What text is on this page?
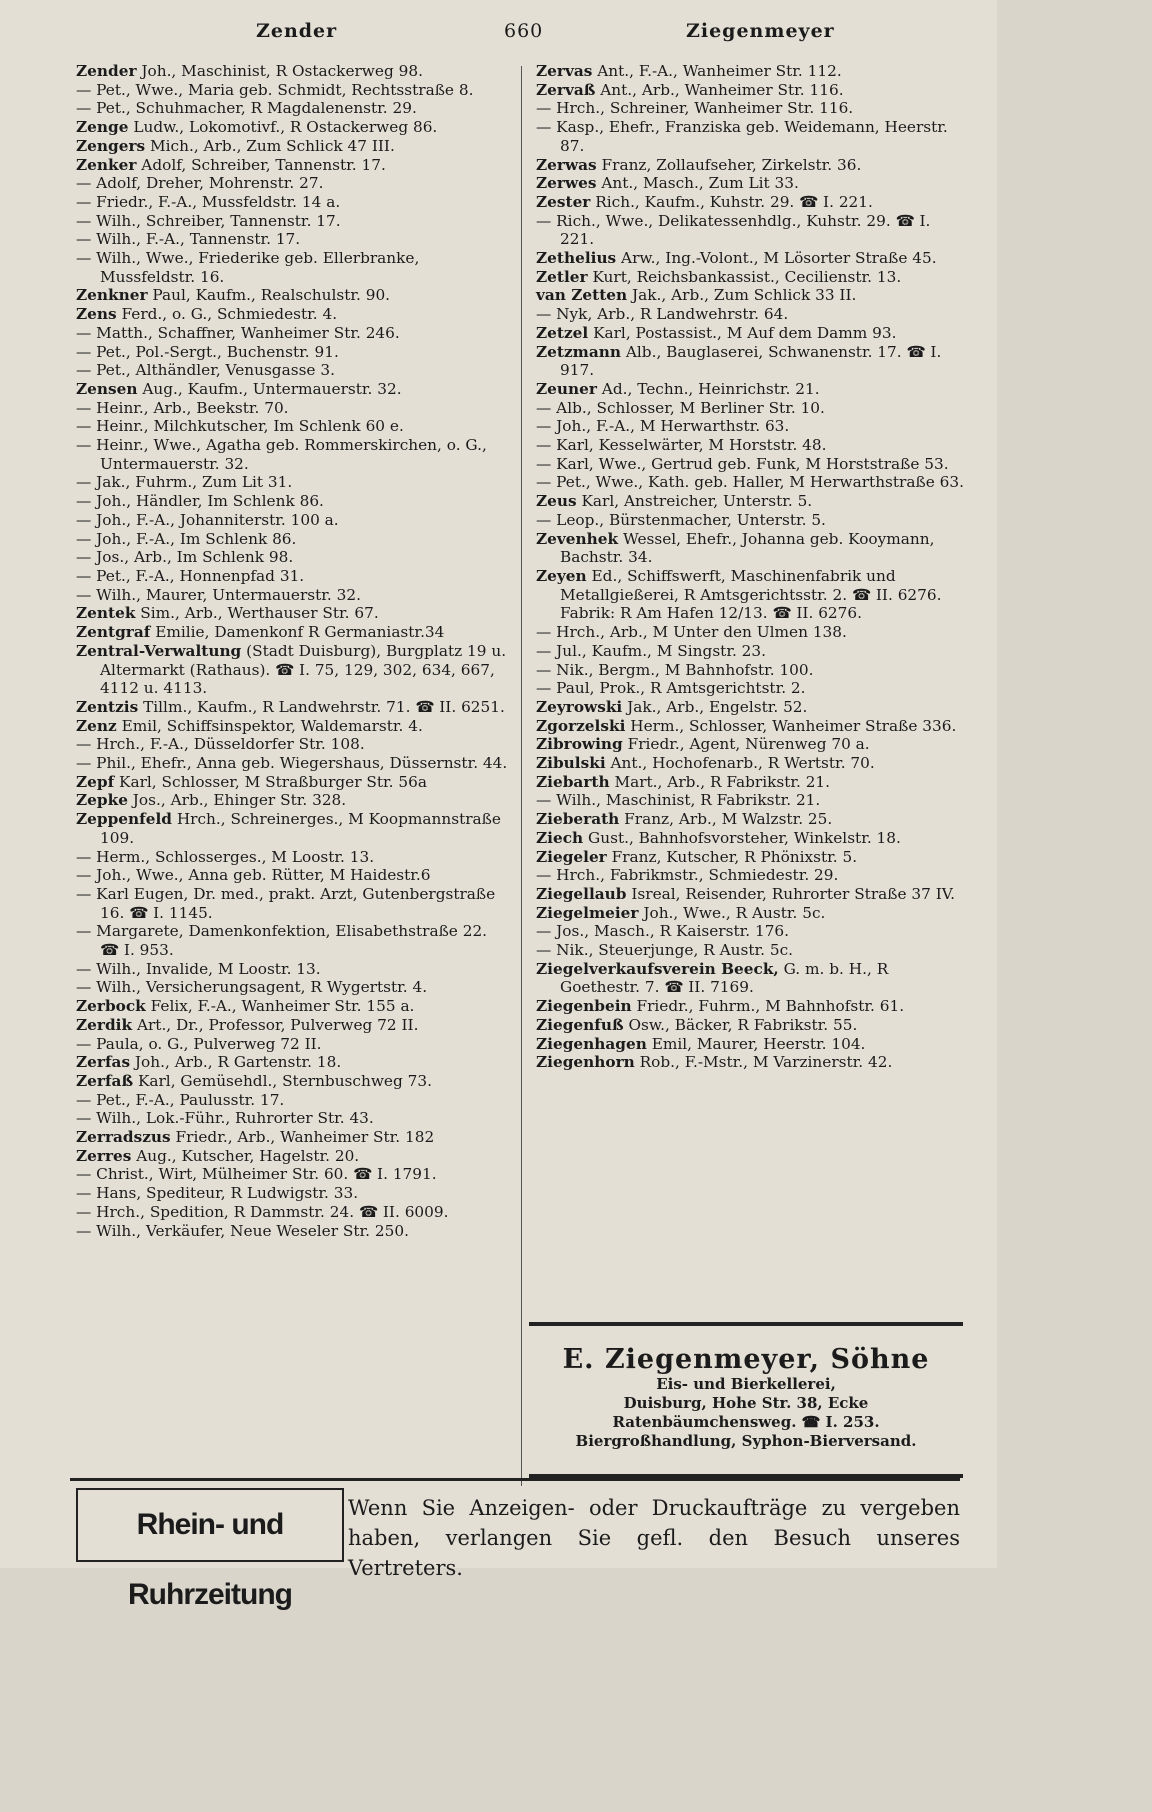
Zender	660	Ziegenmeyer
Zender Joh., Maschinist, R Ostackerweg 98.
— Pet., Wwe., Maria geb. Schmidt, Rechtsstraße 8.
— Pet., Schuhmacher, R Magdalenenstr. 29.
Zenge Ludw., Lokomotivf., R Ostackerweg 86.
Zengers Mich., Arb., Zum Schlick 47 III.
Zenker Adolf, Schreiber, Tannenstr. 17.
— Adolf, Dreher, Mohrenstr. 27.
— Friedr., F.-A., Mussfeldstr. 14 a.
— Wilh., Schreiber, Tannenstr. 17.
— Wilh., F.-A., Tannenstr. 17.
— Wilh., Wwe., Friederike geb. Ellerbranke, Mussfeldstr. 16.
Zenkner Paul, Kaufm., Realschulstr. 90.
Zens Ferd., o. G., Schmiedestr. 4.
— Matth., Schaffner, Wanheimer Str. 246.
— Pet., Pol.-Sergt., Buchenstr. 91.
— Pet., Althändler, Venusgasse 3.
Zensen Aug., Kaufm., Untermauerstr. 32.
— Heinr., Arb., Beekstr. 70.
— Heinr., Milchkutscher, Im Schlenk 60 e.
— Heinr., Wwe., Agatha geb. Rommerskirchen, o. G., Untermauerstr. 32.
— Jak., Fuhrm., Zum Lit 31.
— Joh., Händler, Im Schlenk 86.
— Joh., F.-A., Johanniterstr. 100 a.
— Joh., F.-A., Im Schlenk 86.
— Jos., Arb., Im Schlenk 98.
— Pet., F.-A., Honnenpfad 31.
— Wilh., Maurer, Untermauerstr. 32.
Zentek Sim., Arb., Werthauser Str. 67.
Zentgraf Emilie, Damenkonf R Germaniastr.34
Zentral-Verwaltung (Stadt Duisburg), Burgplatz 19 u. Altermarkt (Rathaus). ☎ I. 75, 129, 302, 634, 667, 4112 u. 4113.
Zentzis Tillm., Kaufm., R Landwehrstr. 71. ☎ II. 6251.
Zenz Emil, Schiffsinspektor, Waldemarstr. 4.
— Hrch., F.-A., Düsseldorfer Str. 108.
— Phil., Ehefr., Anna geb. Wiegershaus, Düssernstr. 44.
Zepf Karl, Schlosser, M Straßburger Str. 56a
Zepke Jos., Arb., Ehinger Str. 328.
Zeppenfeld Hrch., Schreinerges., M Koopmannstraße 109.
— Herm., Schlosserges., M Loostr. 13.
— Joh., Wwe., Anna geb. Rütter, M Haidestr.6
— Karl Eugen, Dr. med., prakt. Arzt, Gutenbergstraße 16. ☎ I. 1145.
— Margarete, Damenkonfektion, Elisabethstraße 22. ☎ I. 953.
— Wilh., Invalide, M Loostr. 13.
— Wilh., Versicherungsagent, R Wygertstr. 4.
Zerbock Felix, F.-A., Wanheimer Str. 155 a.
Zerdik Art., Dr., Professor, Pulverweg 72 II.
— Paula, o. G., Pulverweg 72 II.
Zerfas Joh., Arb., R Gartenstr. 18.
Zerfaß Karl, Gemüsehdl., Sternbuschweg 73.
— Pet., F.-A., Paulusstr. 17.
— Wilh., Lok.-Führ., Ruhrorter Str. 43.
Zerradszus Friedr., Arb., Wanheimer Str. 182
Zerres Aug., Kutscher, Hagelstr. 20.
— Christ., Wirt, Mülheimer Str. 60. ☎ I. 1791.
— Hans, Spediteur, R Ludwigstr. 33.
— Hrch., Spedition, R Dammstr. 24. ☎ II. 6009.
— Wilh., Verkäufer, Neue Weseler Str. 250.
Zervas Ant., F.-A., Wanheimer Str. 112.
Zervaß Ant., Arb., Wanheimer Str. 116.
— Hrch., Schreiner, Wanheimer Str. 116.
— Kasp., Ehefr., Franziska geb. Weidemann, Heerstr. 87.
Zerwas Franz, Zollaufseher, Zirkelstr. 36.
Zerwes Ant., Masch., Zum Lit 33.
Zester Rich., Kaufm., Kuhstr. 29. ☎ I. 221.
— Rich., Wwe., Delikatessenhdlg., Kuhstr. 29. ☎ I. 221.
Zethelius Arw., Ing.-Volont., M Lösorter Straße 45.
Zetler Kurt, Reichsbankassist., Cecilienstr. 13.
van Zetten Jak., Arb., Zum Schlick 33 II.
— Nyk, Arb., R Landwehrstr. 64.
Zetzel Karl, Postassist., M Auf dem Damm 93.
Zetzmann Alb., Bauglaserei, Schwanenstr. 17. ☎ I. 917.
Zeuner Ad., Techn., Heinrichstr. 21.
— Alb., Schlosser, M Berliner Str. 10.
— Joh., F.-A., M Herwarthstr. 63.
— Karl, Kesselwärter, M Horststr. 48.
— Karl, Wwe., Gertrud geb. Funk, M Horststraße 53.
— Pet., Wwe., Kath. geb. Haller, M Herwarthstraße 63.
Zeus Karl, Anstreicher, Unterstr. 5.
— Leop., Bürstenmacher, Unterstr. 5.
Zevenhek Wessel, Ehefr., Johanna geb. Kooymann, Bachstr. 34.
Zeyen Ed., Schiffswerft, Maschinenfabrik und Metallgießerei, R Amtsgerichtsstr. 2. ☎ II. 6276. Fabrik: R Am Hafen 12/13. ☎ II. 6276.
— Hrch., Arb., M Unter den Ulmen 138.
— Jul., Kaufm., M Singstr. 23.
— Nik., Bergm., M Bahnhofstr. 100.
— Paul, Prok., R Amtsgerichtstr. 2.
Zeyrowski Jak., Arb., Engelstr. 52.
Zgorzelski Herm., Schlosser, Wanheimer Straße 336.
Zibrowing Friedr., Agent, Nürenweg 70 a.
Zibulski Ant., Hochofenarb., R Wertstr. 70.
Ziebarth Mart., Arb., R Fabrikstr. 21.
— Wilh., Maschinist, R Fabrikstr. 21.
Zieberath Franz, Arb., M Walzstr. 25.
Ziech Gust., Bahnhofsvorsteher, Winkelstr. 18.
Ziegeler Franz, Kutscher, R Phönixstr. 5.
— Hrch., Fabrikmstr., Schmiedestr. 29.
Ziegellaub Isreal, Reisender, Ruhrorter Straße 37 IV.
Ziegelmeier Joh., Wwe., R Austr. 5c.
— Jos., Masch., R Kaiserstr. 176.
— Nik., Steuerjunge, R Austr. 5c.
Ziegelverkaufsverein Beeck, G. m. b. H., R Goethestr. 7. ☎ II. 7169.
Ziegenbein Friedr., Fuhrm., M Bahnhofstr. 61.
Ziegenfuß Osw., Bäcker, R Fabrikstr. 55.
Ziegenhagen Emil, Maurer, Heerstr. 104.
Ziegenhorn Rob., F.-Mstr., M Varzinerstr. 42.
E. Ziegenmeyer, Söhne
Eis- und Bierkellerei,
Duisburg, Hohe Str. 38, Ecke Ratenbäumchensweg. ☎ I. 253.
Biergroßhandlung, Syphon-Bierversand.
Rhein- und Ruhrzeitung
Wenn Sie Anzeigen- oder Druckaufträge zu vergeben haben, verlangen Sie gefl. den Besuch unseres Vertreters.
